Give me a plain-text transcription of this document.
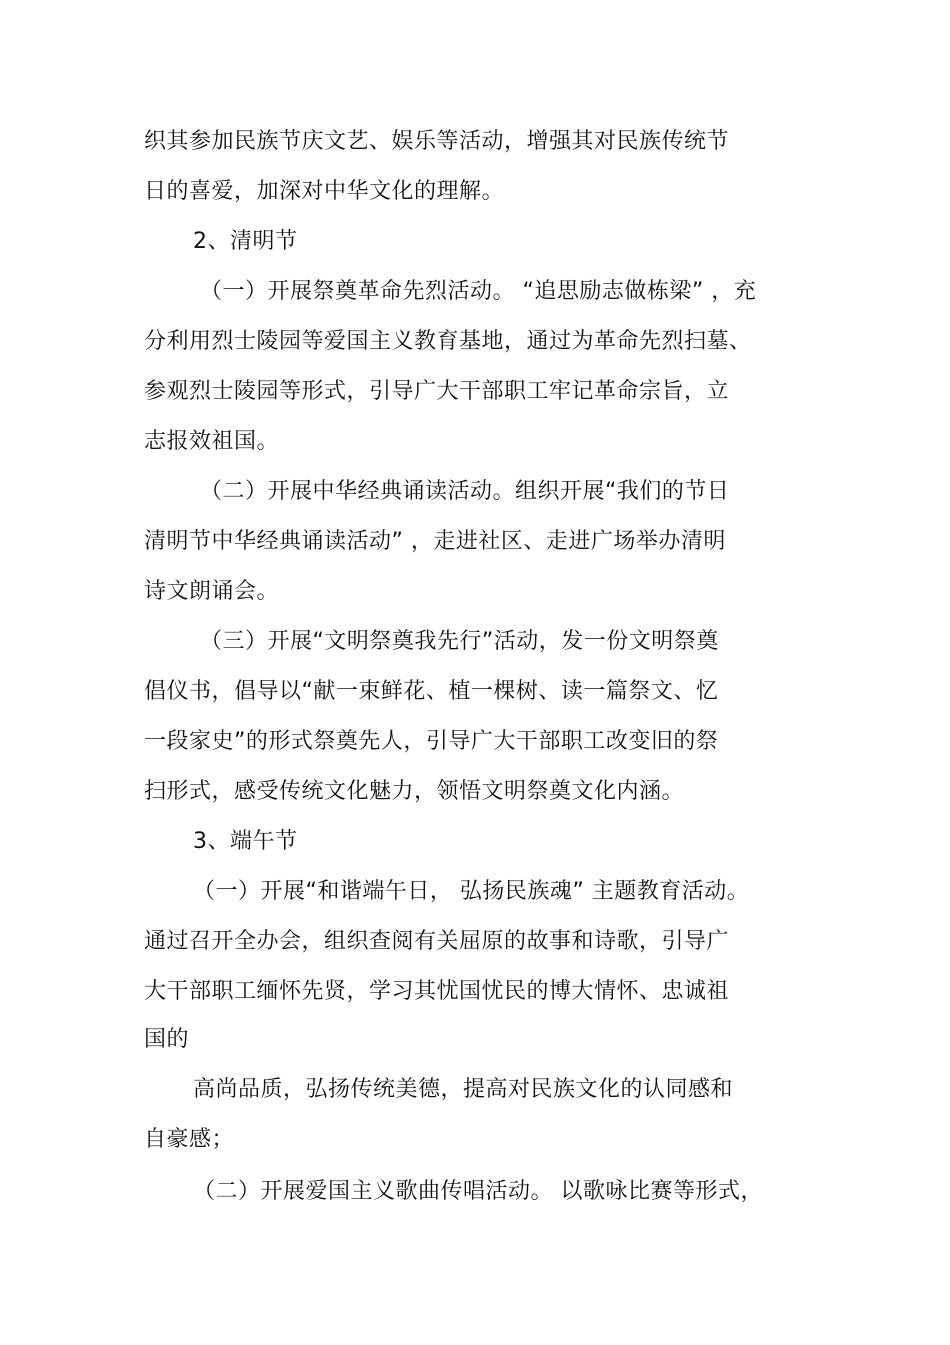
织其参加民族节庆文艺、娱乐等活动，增强其对民族传统节
日的喜爱，加深对中华文化的理解。
2、清明节
（一）开展祭奠革命先烈活动。 “追思励志做栋梁” ，充
分利用烈士陵园等爱国主义教育基地，通过为革命先烈扫墓、
参观烈士陵园等形式，引导广大干部职工牢记革命宗旨，立
志报效祖国。
（二）开展中华经典诵读活动。组织开展“我们的节日
清明节中华经典诵读活动” ，走进社区、走进广场举办清明
诗文朗诵会。
（三）开展“文明祭奠我先行”活动，发一份文明祭奠
倡仪书，倡导以“献一束鲜花、植一棵树、读一篇祭文、忆
一段家史”的形式祭奠先人，引导广大干部职工改变旧的祭
扫形式，感受传统文化魅力，领悟文明祭奠文化内涵。
3、端午节
（一）开展“和谐端午日， 弘扬民族魂” 主题教育活动。
通过召开全办会，组织查阅有关屈原的故事和诗歌，引导广
大干部职工缅怀先贤，学习其忧国忧民的博大情怀、忠诚祖
国的
高尚品质，弘扬传统美德，提高对民族文化的认同感和
自豪感；
（二）开展爱国主义歌曲传唱活动。 以歌咏比赛等形式，
